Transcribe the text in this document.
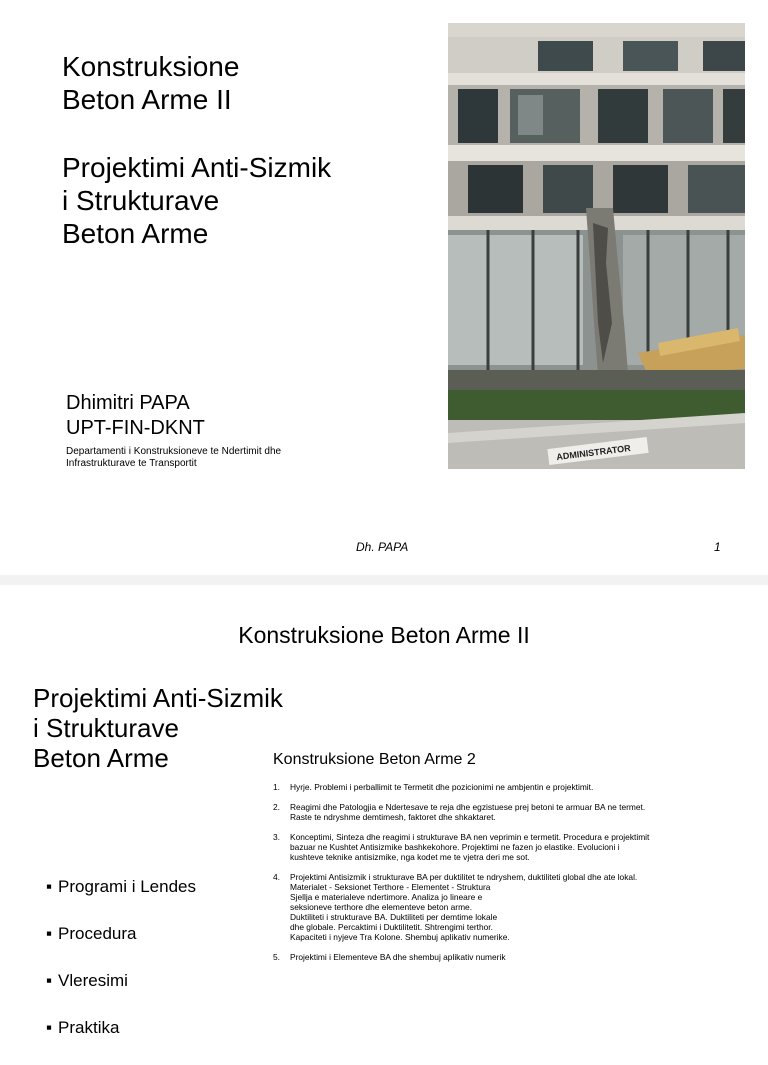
Konstruksione
Beton Arme II
Projektimi Anti-Sizmik
i Strukturave
Beton Arme
Dhimitri PAPA
UPT-FIN-DKNT
Departamenti i Konstruksioneve te Ndertimit dhe
Infrastrukturave te Transportit
ADMINISTRATOR
Dh. PAPA	1
Konstruksione Beton Arme II
Projektimi Anti-Sizmik
i Strukturave
Beton Arme
▪ Programi i Lendes
▪ Procedura
▪ Vleresimi
▪ Praktika
Konstruksione Beton Arme 2
1. Hyrje. Problemi i perballimit te Termetit dhe pozicionimi ne ambjentin e projektimit.
2. Reagimi dhe Patologjia e Ndertesave te reja dhe egzistuese prej betoni te armuar BA ne termet.
Raste te ndryshme demtimesh, faktoret dhe shkaktaret.
3. Konceptimi, Sinteza dhe reagimi i strukturave BA nen veprimin e termetit. Procedura e projektimit
bazuar ne Kushtet Antisizmike bashkekohore. Projektimi ne fazen jo elastike. Evolucioni i
kushteve teknike antisizmike, nga kodet me te vjetra deri me sot.
4. Projektimi Antisizmik i strukturave BA per duktilitet te ndryshem, duktiliteti global dhe ate lokal.
Materialet - Seksionet Terthore - Elementet - Struktura
Sjellja e materialeve ndertimore. Analiza jo lineare e
seksioneve terthore dhe elementeve beton arme.
Duktiliteti i strukturave BA. Duktiliteti per demtime lokale
dhe globale. Percaktimi i Duktilitetit. Shtrengimi terthor.
Kapaciteti i nyjeve Tra Kolone. Shembuj aplikativ numerike.
5. Projektimi i Elementeve BA dhe shembuj aplikativ numerik
